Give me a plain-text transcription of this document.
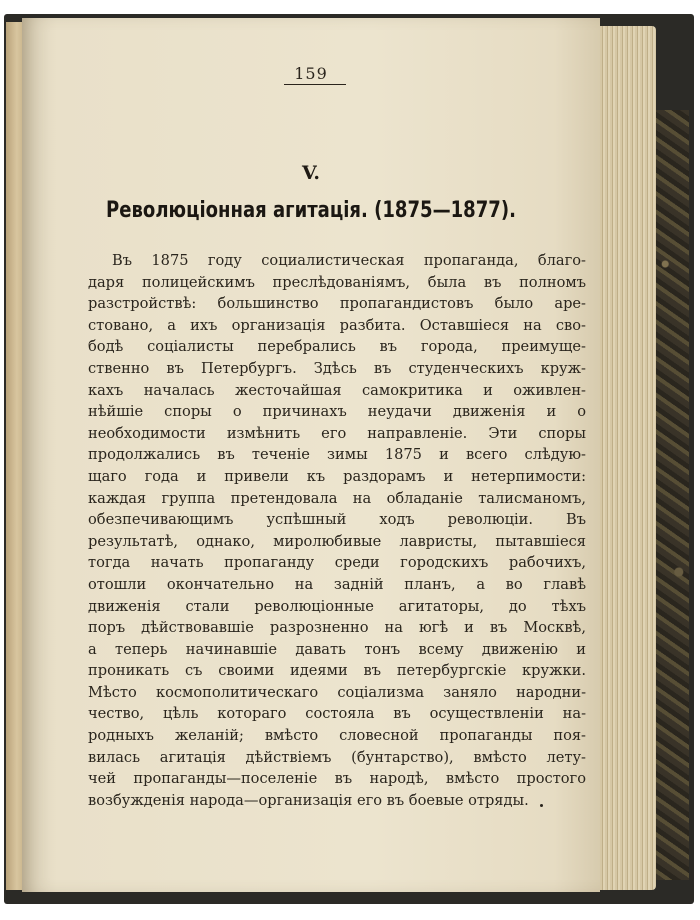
159
V.
Революціонная агитація. (1875—1877).
Въ 1875 году социалистическая пропаганда, благо-
даря полицейскимъ преслѣдованіямъ, была въ полномъ
разстройствѣ: большинство пропагандистовъ было аре-
стовано, а ихъ организація разбита. Оставшіеся на сво-
бодѣ соціалисты перебрались въ города, преимуще-
ственно въ Петербургъ. Здѣсь въ студенческихъ круж-
кахъ началась жесточайшая самокритика и оживлен-
нѣйшіе споры о причинахъ неудачи движенія и о
необходимости измѣнить его направленіе. Эти споры
продолжались въ теченіе зимы 1875 и всего слѣдую-
щаго года и привели къ раздорамъ и нетерпимости:
каждая группа претендовала на обладаніе талисманомъ,
обезпечивающимъ успѣшный ходъ революціи. Въ
результатѣ, однако, миролюбивые лавристы, пытавшіеся
тогда начать пропаганду среди городскихъ рабочихъ,
отошли окончательно на задній планъ, а во главѣ
движенія стали революціонные агитаторы, до тѣхъ
поръ дѣйствовавшіе разрозненно на югѣ и въ Москвѣ,
а теперь начинавшіе давать тонъ всему движенію и
проникать съ своими идеями въ петербургскіе кружки.
Мѣсто космополитическаго соціализма заняло народни-
чество, цѣль котораго состояла въ осуществленіи на-
родныхъ желаній; вмѣсто словесной пропаганды поя-
вилась агитація дѣйствіемъ (бунтарство), вмѣсто лету-
чей пропаганды—поселеніе въ народѣ, вмѣсто простого
возбужденія народа—организація его въ боевые отряды.
